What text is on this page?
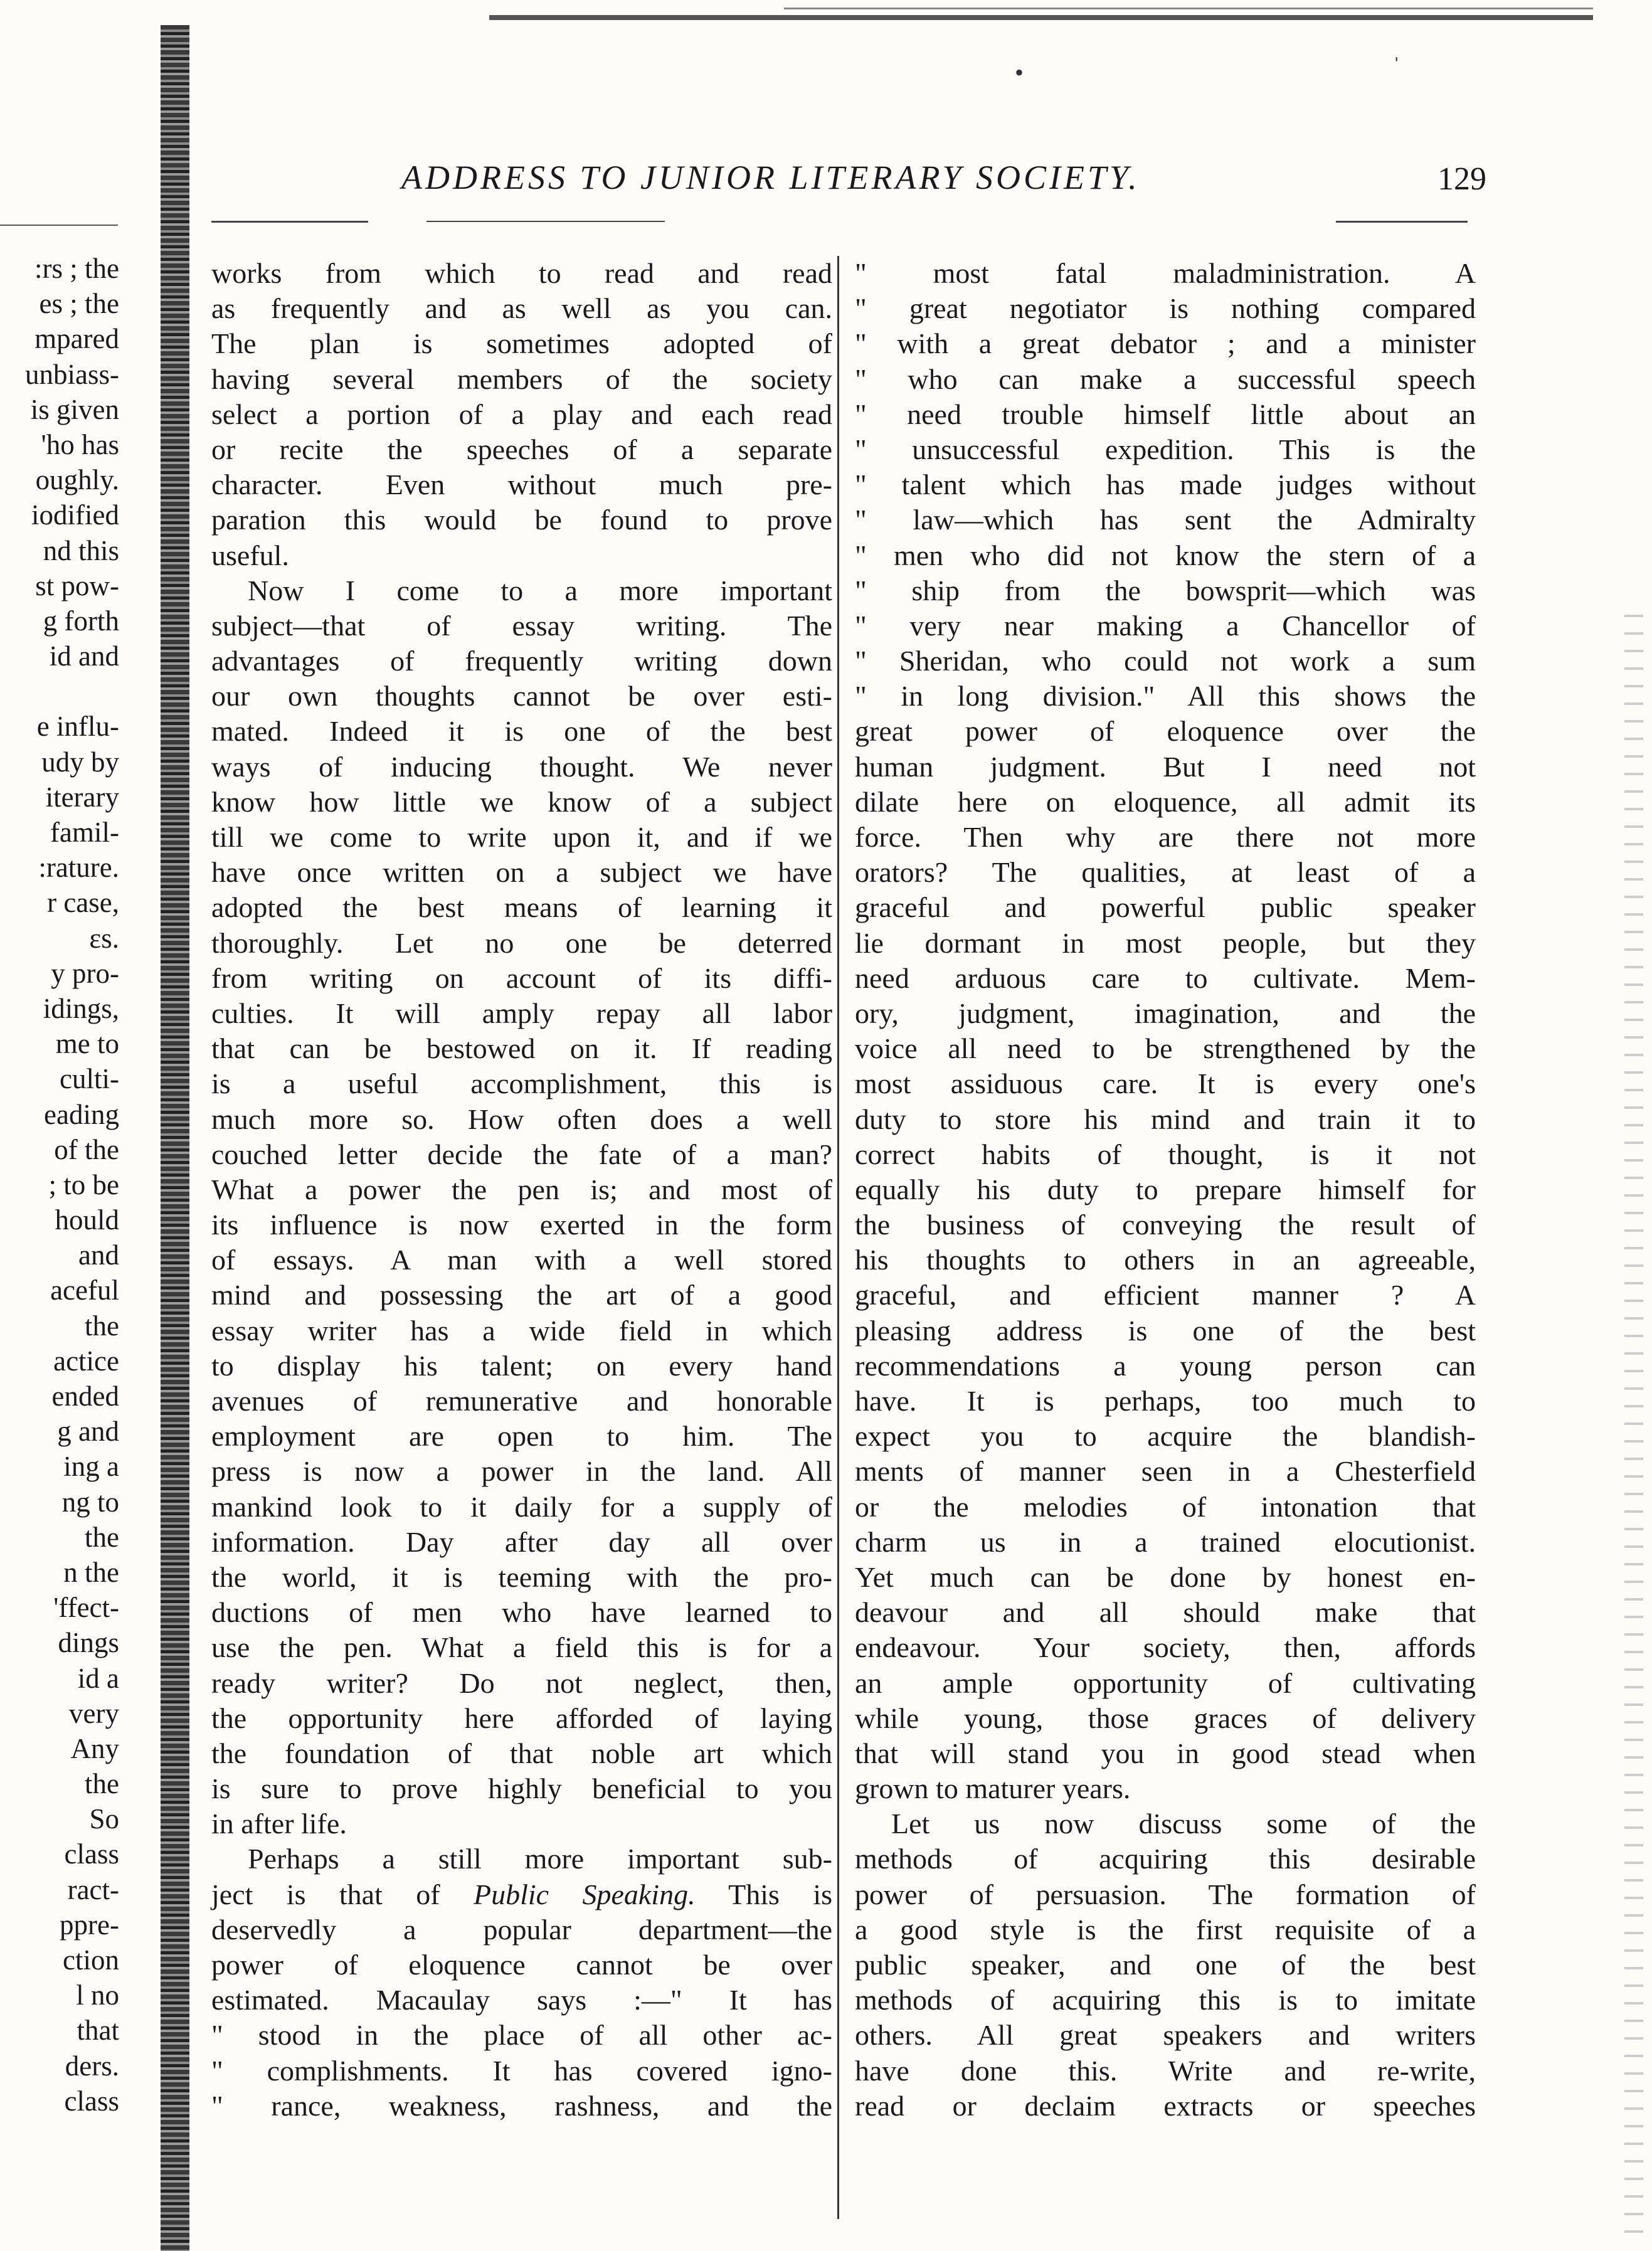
•	ˈ
ADDRESS TO JUNIOR LITERARY SOCIETY.	129
:rs ; the
es ; the
mpared
unbiass-
is given
'ho has
oughly.
iodified
nd this
st pow-
g forth
id and
e influ-
udy by
iterary
famil-
:rature.
r case,
ɛs.
y pro-
idings,
me to
culti-
eading
of the
; to be
hould
and
aceful
the
actice
ended
g and
ing a
ng to
the
n the
'ffect-
dings
id a
very
Any
the
So
class
ract-
ppre-
ction
l no
that
ders.
class
works from which to read and read
as frequently and as well as you can.
The plan is sometimes adopted of
having several members of the society
select a portion of a play and each read
or recite the speeches of a separate
character. Even without much pre-
paration this would be found to prove
useful.
Now I come to a more important
subject—that of essay writing. The
advantages of frequently writing down
our own thoughts cannot be over esti-
mated. Indeed it is one of the best
ways of inducing thought. We never
know how little we know of a subject
till we come to write upon it, and if we
have once written on a subject we have
adopted the best means of learning it
thoroughly. Let no one be deterred
from writing on account of its diffi-
culties. It will amply repay all labor
that can be bestowed on it. If reading
is a useful accomplishment, this is
much more so. How often does a well
couched letter decide the fate of a man?
What a power the pen is; and most of
its influence is now exerted in the form
of essays. A man with a well stored
mind and possessing the art of a good
essay writer has a wide field in which
to display his talent; on every hand
avenues of remunerative and honorable
employment are open to him. The
press is now a power in the land. All
mankind look to it daily for a supply of
information. Day after day all over
the world, it is teeming with the pro-
ductions of men who have learned to
use the pen. What a field this is for a
ready writer? Do not neglect, then,
the opportunity here afforded of laying
the foundation of that noble art which
is sure to prove highly beneficial to you
in after life.
Perhaps a still more important sub-
ject is that of Public Speaking. This is
deservedly a popular department—the
power of eloquence cannot be over
estimated. Macaulay says :—" It has
" stood in the place of all other ac-
" complishments. It has covered igno-
" rance, weakness, rashness, and the
" most fatal maladministration. A
" great negotiator is nothing compared
" with a great debator ; and a minister
" who can make a successful speech
" need trouble himself little about an
" unsuccessful expedition. This is the
" talent which has made judges without
" law—which has sent the Admiralty
" men who did not know the stern of a
" ship from the bowsprit—which was
" very near making a Chancellor of
" Sheridan, who could not work a sum
" in long division." All this shows the
great power of eloquence over the
human judgment. But I need not
dilate here on eloquence, all admit its
force. Then why are there not more
orators? The qualities, at least of a
graceful and powerful public speaker
lie dormant in most people, but they
need arduous care to cultivate. Mem-
ory, judgment, imagination, and the
voice all need to be strengthened by the
most assiduous care. It is every one's
duty to store his mind and train it to
correct habits of thought, is it not
equally his duty to prepare himself for
the business of conveying the result of
his thoughts to others in an agreeable,
graceful, and efficient manner ? A
pleasing address is one of the best
recommendations a young person can
have. It is perhaps, too much to
expect you to acquire the blandish-
ments of manner seen in a Chesterfield
or the melodies of intonation that
charm us in a trained elocutionist.
Yet much can be done by honest en-
deavour and all should make that
endeavour. Your society, then, affords
an ample opportunity of cultivating
while young, those graces of delivery
that will stand you in good stead when
grown to maturer years.
Let us now discuss some of the
methods of acquiring this desirable
power of persuasion. The formation of
a good style is the first requisite of a
public speaker, and one of the best
methods of acquiring this is to imitate
others. All great speakers and writers
have done this. Write and re-write,
read or declaim extracts or speeches
